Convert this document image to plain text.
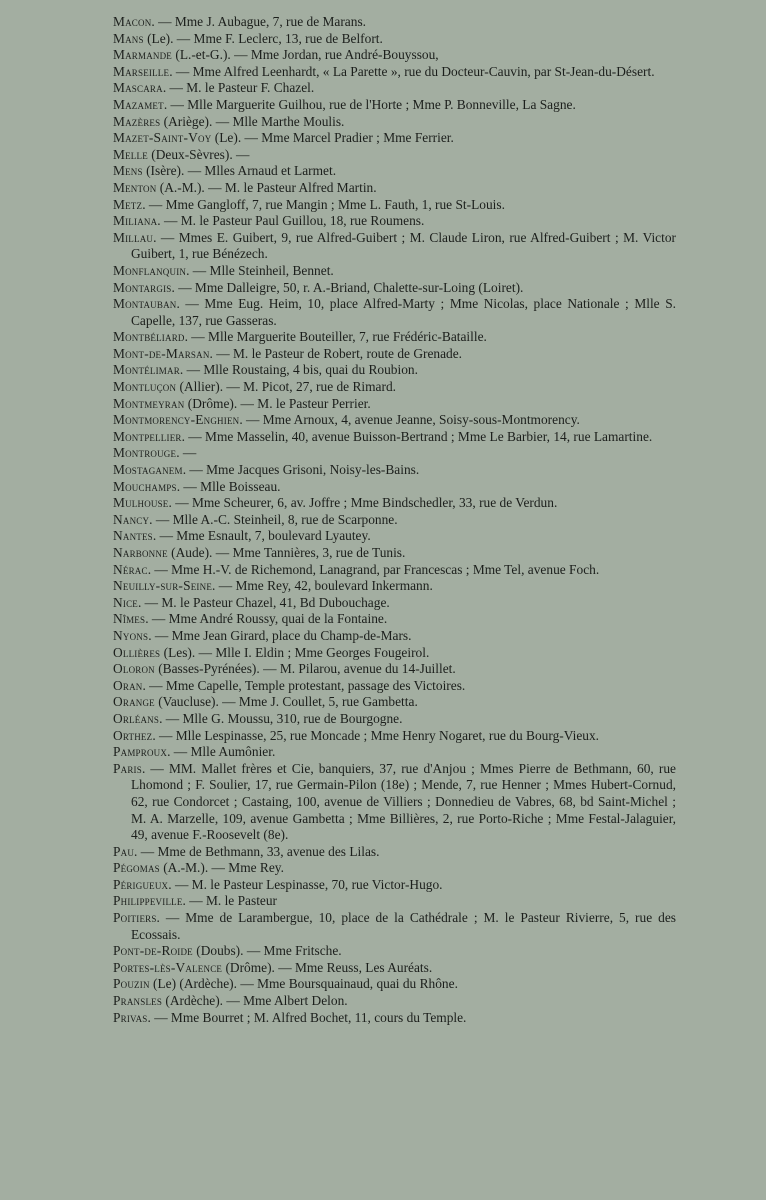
Macon. — Mme J. Aubague, 7, rue de Marans.

Mans (Le). — Mme F. Leclerc, 13, rue de Belfort.

Marmande (L.-et-G.). — Mme Jordan, rue André-Bouyssou,

Marseille. — Mme Alfred Leenhardt, « La Parette », rue du Docteur-Cauvin, par St-Jean-du-Désert.

Mascara. — M. le Pasteur F. Chazel.

Mazamet. — Mlle Marguerite Guilhou, rue de l'Horte ; Mme P. Bonneville, La Sagne.

Mazères (Ariège). — Mlle Marthe Moulis.

Mazet-Saint-Voy (Le). — Mme Marcel Pradier ; Mme Ferrier.

Melle (Deux-Sèvres). —

Mens (Isère). — Mlles Arnaud et Larmet.

Menton (A.-M.). — M. le Pasteur Alfred Martin.

Metz. — Mme Gangloff, 7, rue Mangin ; Mme L. Fauth, 1, rue St-Louis.

Miliana. — M. le Pasteur Paul Guillou, 18, rue Roumens.

Millau. — Mmes E. Guibert, 9, rue Alfred-Guibert ; M. Claude Liron, rue Alfred-Guibert ; M. Victor Guibert, 1, rue Bénézech.

Monflanquin. — Mlle Steinheil, Bennet.

Montargis. — Mme Dalleigre, 50, r. A.-Briand, Chalette-sur-Loing (Loiret).

Montauban. — Mme Eug. Heim, 10, place Alfred-Marty ; Mme Nicolas, place Nationale ; Mlle S. Capelle, 137, rue Gasseras.

Montbéliard. — Mlle Marguerite Bouteiller, 7, rue Frédéric-Bataille.

Mont-de-Marsan. — M. le Pasteur de Robert, route de Grenade.

Montélimar. — Mlle Roustaing, 4 bis, quai du Roubion.

Montluçon (Allier). — M. Picot, 27, rue de Rimard.

Montmeyran (Drôme). — M. le Pasteur Perrier.

Montmorency-Enghien. — Mme Arnoux, 4, avenue Jeanne, Soisy-sous-Montmorency.

Montpellier. — Mme Masselin, 40, avenue Buisson-Bertrand ; Mme Le Barbier, 14, rue Lamartine.

Montrouge. —

Mostaganem. — Mme Jacques Grisoni, Noisy-les-Bains.

Mouchamps. — Mlle Boisseau.

Mulhouse. — Mme Scheurer, 6, av. Joffre ; Mme Bindschedler, 33, rue de Verdun.

Nancy. — Mlle A.-C. Steinheil, 8, rue de Scarponne.

Nantes. — Mme Esnault, 7, boulevard Lyautey.

Narbonne (Aude). — Mme Tannières, 3, rue de Tunis.

Nérac. — Mme H.-V. de Richemond, Lanagrand, par Francescas ; Mme Tel, avenue Foch.

Neuilly-sur-Seine. — Mme Rey, 42, boulevard Inkermann.

Nice. — M. le Pasteur Chazel, 41, Bd Dubouchage.

Nîmes. — Mme André Roussy, quai de la Fontaine.

Nyons. — Mme Jean Girard, place du Champ-de-Mars.

Ollières (Les). — Mlle I. Eldin ; Mme Georges Fougeirol.

Oloron (Basses-Pyrénées). — M. Pilarou, avenue du 14-Juillet.

Oran. — Mme Capelle, Temple protestant, passage des Victoires.

Orange (Vaucluse). — Mme J. Coullet, 5, rue Gambetta.

Orléans. — Mlle G. Moussu, 310, rue de Bourgogne.

Orthez. — Mlle Lespinasse, 25, rue Moncade ; Mme Henry Nogaret, rue du Bourg-Vieux.

Pamproux. — Mlle Aumônier.

Paris. — MM. Mallet frères et Cie, banquiers, 37, rue d'Anjou ; Mmes Pierre de Bethmann, 60, rue Lhomond ; F. Soulier, 17, rue Germain-Pilon (18e) ; Mende, 7, rue Henner ; Mmes Hubert-Cornud, 62, rue Condorcet ; Castaing, 100, avenue de Villiers ; Donnedieu de Vabres, 68, bd Saint-Michel ; M. A. Marzelle, 109, avenue Gambetta ; Mme Billières, 2, rue Porto-Riche ; Mme Festal-Jalaguier, 49, avenue F.-Roosevelt (8e).

Pau. — Mme de Bethmann, 33, avenue des Lilas.

Pégomas (A.-M.). — Mme Rey.

Périgueux. — M. le Pasteur Lespinasse, 70, rue Victor-Hugo.

Philippeville. — M. le Pasteur

Poitiers. — Mme de Larambergue, 10, place de la Cathédrale ; M. le Pasteur Rivierre, 5, rue des Ecossais.

Pont-de-Roide (Doubs). — Mme Fritsche.

Portes-lès-Valence (Drôme). — Mme Reuss, Les Auréats.

Pouzin (Le) (Ardèche). — Mme Boursquainaud, quai du Rhône.

Pransles (Ardèche). — Mme Albert Delon.

Privas. — Mme Bourret ; M. Alfred Bochet, 11, cours du Temple.
